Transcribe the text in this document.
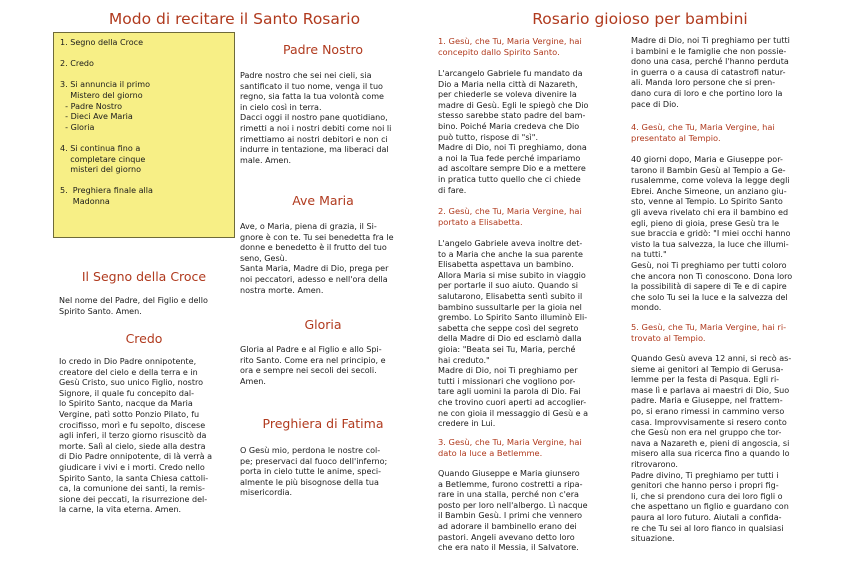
Modo di recitare il Santo Rosario
1. Segno della Croce

2. Credo

3. Si annuncia il primo
Mistero del giorno
- Padre Nostro
- Dieci Ave Maria
- Gloria

4. Si continua fino a
completare cinque
misteri del giorno

5.  Preghiera finale alla
Madonna
Il Segno della Croce
Nel nome del Padre, del Figlio e dello
Spirito Santo. Amen.
Credo
Io credo in Dio Padre onnipotente,
creatore del cielo e della terra e in
Gesù Cristo, suo unico Figlio, nostro
Signore, il quale fu concepito dal-
lo Spirito Santo, nacque da Maria
Vergine, patì sotto Ponzio Pilato, fu
crocifisso, morì e fu sepolto, discese
agli inferi, il terzo giorno risuscitò da
morte. Salì al cielo, siede alla destra
di Dio Padre onnipotente, di là verrà a
giudicare i vivi e i morti. Credo nello
Spirito Santo, la santa Chiesa cattoli-
ca, la comunione dei santi, la remis-
sione dei peccati, la risurrezione del-
la carne, la vita eterna. Amen.
Padre Nostro
Padre nostro che sei nei cieli, sia
santificato il tuo nome, venga il tuo
regno, sia fatta la tua volontà come
in cielo così in terra.
Dacci oggi il nostro pane quotidiano,
rimetti a noi i nostri debiti come noi li
rimettiamo ai nostri debitori e non ci
indurre in tentazione, ma liberaci dal
male. Amen.
Ave Maria
Ave, o Maria, piena di grazia, il Si-
gnore è con te. Tu sei benedetta fra le
donne e benedetto è il frutto del tuo
seno, Gesù.
Santa Maria, Madre di Dio, prega per
noi peccatori, adesso e nell'ora della
nostra morte. Amen.
Gloria
Gloria al Padre e al Figlio e allo Spi-
rito Santo. Come era nel principio, e
ora e sempre nei secoli dei secoli.
Amen.
Preghiera di Fatima
O Gesù mio, perdona le nostre col-
pe; preservaci dal fuoco dell'inferno;
porta in cielo tutte le anime, speci-
almente le più bisognose della tua
misericordia.
Rosario gioioso per bambini
1. Gesù, che Tu, Maria Vergine, hai
concepito dallo Spirito Santo.
L'arcangelo Gabriele fu mandato da
Dio a Maria nella città di Nazareth,
per chiederle se voleva divenire la
madre di Gesù. Egli le spiegò che Dio
stesso sarebbe stato padre del bam-
bino. Poiché Maria credeva che Dio
può tutto, rispose di "sì".
Madre di Dio, noi Ti preghiamo, dona
a noi la Tua fede perché impariamo
ad ascoltare sempre Dio e a mettere
in pratica tutto quello che ci chiede
di fare.
2. Gesù, che Tu, Maria Vergine, hai
portato a Elisabetta.
L'angelo Gabriele aveva inoltre det-
to a Maria che anche la sua parente
Elisabetta aspettava un bambino.
Allora Maria si mise subito in viaggio
per portarle il suo aiuto. Quando si
salutarono, Elisabetta sentì subito il
bambino sussultarle per la gioia nel
grembo. Lo Spirito Santo illuminò Eli-
sabetta che seppe così del segreto
della Madre di Dio ed esclamò dalla
gioia: "Beata sei Tu, Maria, perché
hai creduto."
Madre di Dio, noi Ti preghiamo per
tutti i missionari che vogliono por-
tare agli uomini la parola di Dio. Fai
che trovino cuori aperti ad accoglier-
ne con gioia il messaggio di Gesù e a
credere in Lui.
3. Gesù, che Tu, Maria Vergine, hai
dato la luce a Betlemme.
Quando Giuseppe e Maria giunsero
a Betlemme, furono costretti a ripa-
rare in una stalla, perché non c'era
posto per loro nell'albergo. Lì nacque
il Bambin Gesù. I primi che vennero
ad adorare il bambinello erano dei
pastori. Angeli avevano detto loro
che era nato il Messia, il Salvatore.
Madre di Dio, noi Ti preghiamo per tutti
i bambini e le famiglie che non possie-
dono una casa, perché l'hanno perduta
in guerra o a causa di catastrofi natur-
ali. Manda loro persone che si pren-
dano cura di loro e che portino loro la
pace di Dio.
4. Gesù, che Tu, Maria Vergine, hai
presentato al Tempio.
40 giorni dopo, Maria e Giuseppe por-
tarono il Bambin Gesù al Tempio a Ge-
rusalemme, come voleva la legge degli
Ebrei. Anche Simeone, un anziano giu-
sto, venne al Tempio. Lo Spirito Santo
gli aveva rivelato chi era il bambino ed
egli, pieno di gioia, prese Gesù tra le
sue braccia e gridò: "I miei occhi hanno
visto la tua salvezza, la luce che illumi-
na tutti."
Gesù, noi Ti preghiamo per tutti coloro
che ancora non Ti conoscono. Dona loro
la possibilità di sapere di Te e di capire
che solo Tu sei la luce e la salvezza del
mondo.
5. Gesù, che Tu, Maria Vergine, hai ri-
trovato al Tempio.
Quando Gesù aveva 12 anni, si recò as-
sieme ai genitori al Tempio di Gerusa-
lemme per la festa di Pasqua. Egli ri-
mase lì e parlava ai maestri di Dio, Suo
padre. Maria e Giuseppe, nel frattem-
po, si erano rimessi in cammino verso
casa. Improvvisamente si resero conto
che Gesù non era nel gruppo che tor-
nava a Nazareth e, pieni di angoscia, si
misero alla sua ricerca fino a quando lo
ritrovarono.
Padre divino, Ti preghiamo per tutti i
genitori che hanno perso i propri fig-
li, che si prendono cura dei loro figli o
che aspettano un figlio e guardano con
paura al loro futuro. Aiutali a confida-
re che Tu sei al loro fianco in qualsiasi
situazione.
